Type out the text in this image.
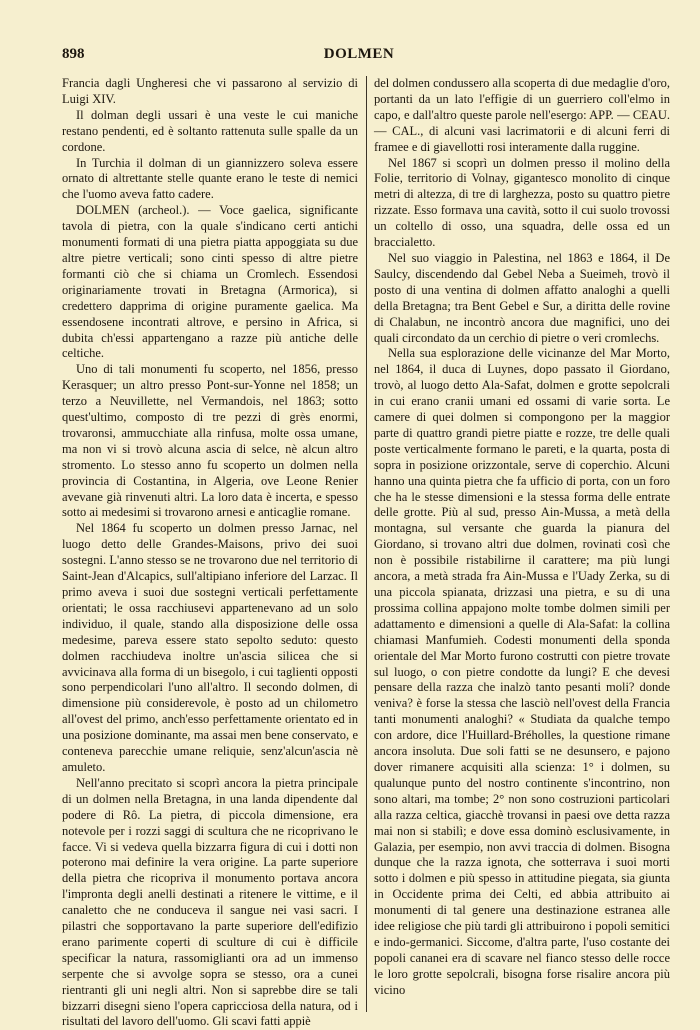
898	DOLMEN

Francia dagli Ungheresi che vi passarono al servizio di Luigi XIV.

Il dolman degli ussari è una veste le cui maniche restano pendenti, ed è soltanto rattenuta sulle spalle da un cordone.

In Turchia il dolman di un giannizzero soleva essere ornato di altrettante stelle quante erano le teste di nemici che l'uomo aveva fatto cadere.

DOLMEN (archeol.). — Voce gaelica, significante tavola di pietra, con la quale s'indicano certi antichi monumenti formati di una pietra piatta appoggiata su due altre pietre verticali; sono cinti spesso di altre pietre formanti ciò che si chiama un Cromlech. Essendosi originariamente trovati in Bretagna (Armorica), si credettero dapprima di origine puramente gaelica. Ma essendosene incontrati altrove, e persino in Africa, si dubita ch'essi appartengano a razze più antiche delle celtiche.

Uno di tali monumenti fu scoperto, nel 1856, presso Kerasquer; un altro presso Pont-sur-Yonne nel 1858; un terzo a Neuvillette, nel Vermandois, nel 1863; sotto quest'ultimo, composto di tre pezzi di grès enormi, trovaronsi, ammucchiate alla rinfusa, molte ossa umane, ma non vi si trovò alcuna ascia di selce, nè alcun altro stromento. Lo stesso anno fu scoperto un dolmen nella provincia di Costantina, in Algeria, ove Leone Renier avevane già rinvenuti altri. La loro data è incerta, e spesso sotto ai medesimi si trovarono arnesi e anticaglie romane.

Nel 1864 fu scoperto un dolmen presso Jarnac, nel luogo detto delle Grandes-Maisons, privo dei suoi sostegni. L'anno stesso se ne trovarono due nel territorio di Saint-Jean d'Alcapics, sull'altipiano inferiore del Larzac. Il primo aveva i suoi due sostegni verticali perfettamente orientati; le ossa racchiusevi appartenevano ad un solo individuo, il quale, stando alla disposizione delle ossa medesime, pareva essere stato sepolto seduto: questo dolmen racchiudeva inoltre un'ascia silicea che si avvicinava alla forma di un bisegolo, i cui taglienti opposti sono perpendicolari l'uno all'altro. Il secondo dolmen, di dimensione più considerevole, è posto ad un chilometro all'ovest del primo, anch'esso perfettamente orientato ed in una posizione dominante, ma assai men bene conservato, e conteneva parecchie umane reliquie, senz'alcun'ascia nè amuleto.

Nell'anno precitato si scoprì ancora la pietra principale di un dolmen nella Bretagna, in una landa dipendente dal podere di Rô. La pietra, di piccola dimensione, era notevole per i rozzi saggi di scultura che ne ricoprivano le facce. Vi si vedeva quella bizzarra figura di cui i dotti non poterono mai definire la vera origine. La parte superiore della pietra che ricopriva il monumento portava ancora l'impronta degli anelli destinati a ritenere le vittime, e il canaletto che ne conduceva il sangue nei vasi sacri. I pilastri che sopportavano la parte superiore dell'edifizio erano parimente coperti di sculture di cui è difficile specificar la natura, rassomiglianti ora ad un immenso serpente che si avvolge sopra se stesso, ora a cunei rientranti gli uni negli altri. Non si saprebbe dire se tali bizzarri disegni sieno l'opera capricciosa della natura, od i risultati del lavoro dell'uomo. Gli scavi fatti appiè

del dolmen condussero alla scoperta di due medaglie d'oro, portanti da un lato l'effigie di un guerriero coll'elmo in capo, e dall'altro queste parole nell'esergo: APP. — CEAU. — CAL., di alcuni vasi lacrimatorii e di alcuni ferri di framee e di giavellotti rosi interamente dalla ruggine.

Nel 1867 si scoprì un dolmen presso il molino della Folie, territorio di Volnay, gigantesco monolito di cinque metri di altezza, di tre di larghezza, posto su quattro pietre rizzate. Esso formava una cavità, sotto il cui suolo trovossi un coltello di osso, una squadra, delle ossa ed un braccialetto.

Nel suo viaggio in Palestina, nel 1863 e 1864, il De Saulcy, discendendo dal Gebel Neba a Sueimeh, trovò il posto di una ventina di dolmen affatto analoghi a quelli della Bretagna; tra Bent Gebel e Sur, a diritta delle rovine di Chalabun, ne incontrò ancora due magnifici, uno dei quali circondato da un cerchio di pietre o veri cromlechs.

Nella sua esplorazione delle vicinanze del Mar Morto, nel 1864, il duca di Luynes, dopo passato il Giordano, trovò, al luogo detto Ala-Safat, dolmen e grotte sepolcrali in cui erano cranii umani ed ossami di varie sorta. Le camere di quei dolmen si compongono per la maggior parte di quattro grandi pietre piatte e rozze, tre delle quali poste verticalmente formano le pareti, e la quarta, posta di sopra in posizione orizzontale, serve di coperchio. Alcuni hanno una quinta pietra che fa ufficio di porta, con un foro che ha le stesse dimensioni e la stessa forma delle entrate delle grotte. Più al sud, presso Ain-Mussa, a metà della montagna, sul versante che guarda la pianura del Giordano, si trovano altri due dolmen, rovinati così che non è possibile ristabilirne il carattere; ma più lungi ancora, a metà strada fra Ain-Mussa e l'Uady Zerka, su di una piccola spianata, drizzasi una pietra, e su di una prossima collina appajono molte tombe dolmen simili per adattamento e dimensioni a quelle di Ala-Safat: la collina chiamasi Manfumieh. Codesti monumenti della sponda orientale del Mar Morto furono costrutti con pietre trovate sul luogo, o con pietre condotte da lungi? E che devesi pensare della razza che inalzò tanto pesanti moli? donde veniva? è forse la stessa che lasciò nell'ovest della Francia tanti monumenti analoghi? « Studiata da qualche tempo con ardore, dice l'Huillard-Bréholles, la questione rimane ancora insoluta. Due soli fatti se ne desunsero, e pajono dover rimanere acquisiti alla scienza: 1° i dolmen, su qualunque punto del nostro continente s'incontrino, non sono altari, ma tombe; 2° non sono costruzioni particolari alla razza celtica, giacchè trovansi in paesi ove detta razza mai non si stabilì; e dove essa dominò esclusivamente, in Galazia, per esempio, non avvi traccia di dolmen. Bisogna dunque che la razza ignota, che sotterrava i suoi morti sotto i dolmen e più spesso in attitudine piegata, sia giunta in Occidente prima dei Celti, ed abbia attribuito ai monumenti di tal genere una destinazione estranea alle idee religiose che più tardi gli attribuirono i popoli semitici e indo-germanici. Siccome, d'altra parte, l'uso costante dei popoli cananei era di scavare nel fianco stesso delle rocce le loro grotte sepolcrali, bisogna forse risalire ancora più vicino
